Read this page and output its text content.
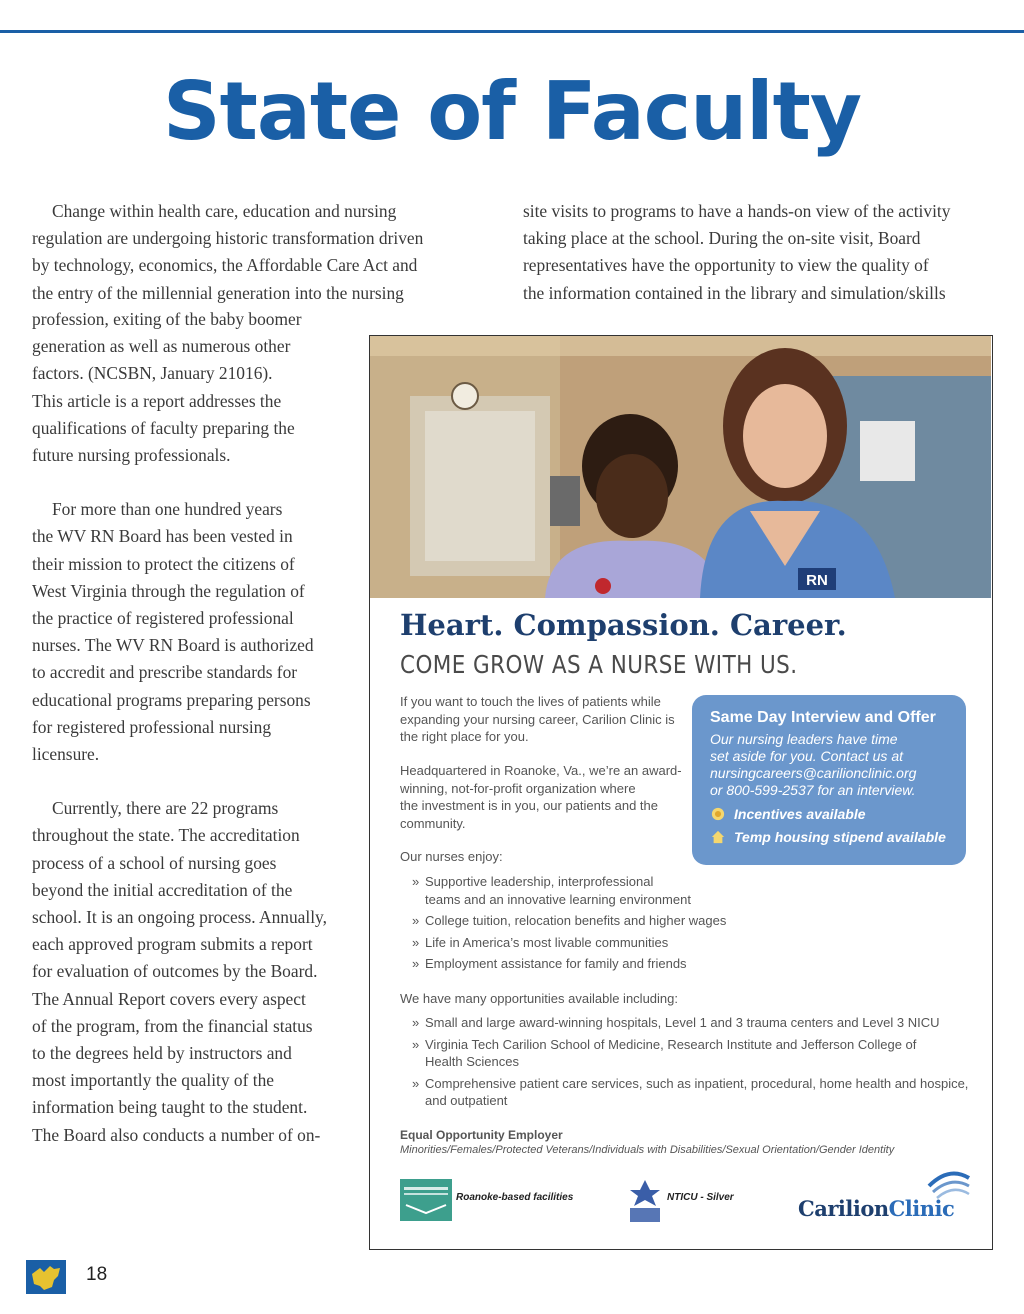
State of Faculty
Change within health care, education and nursing
regulation are undergoing historic transformation driven
by technology, economics, the Affordable Care Act and
the entry of the millennial generation into the nursing
profession, exiting of the baby boomer
generation as well as numerous other
factors. (NCSBN, January 21016).
This article is a report addresses the
qualifications of faculty preparing the
future nursing professionals.
For more than one hundred years
the WV RN Board has been vested in
their mission to protect the citizens of
West Virginia through the regulation of
the practice of registered professional
nurses. The WV RN Board is authorized
to accredit and prescribe standards for
educational programs preparing persons
for registered professional nursing
licensure.
Currently, there are 22 programs
throughout the state. The accreditation
process of a school of nursing goes
beyond the initial accreditation of the
school. It is an ongoing process. Annually,
each approved program submits a report
for evaluation of outcomes by the Board.
The Annual Report covers every aspect
of the program, from the financial status
to the degrees held by instructors and
most importantly the quality of the
information being taught to the student.
The Board also conducts a number of on-
site visits to programs to have a hands-on view of the activity
taking place at the school. During the on-site visit, Board
representatives have the opportunity to view the quality of
the information contained in the library and simulation/skills
RN
Heart. Compassion. Career.
COME GROW AS A NURSE WITH US.
If you want to touch the lives of patients while
expanding your nursing career, Carilion Clinic is
the right place for you.
Headquartered in Roanoke, Va., we’re an award-
winning, not-for-profit organization where
the investment is in you, our patients and the
community.
Our nurses enjoy:
» Supportive leadership, interprofessional
teams and an innovative learning environment
» College tuition, relocation benefits and higher wages
» Life in America’s most livable communities
» Employment assistance for family and friends
We have many opportunities available including:
» Small and large award-winning hospitals, Level 1 and 3 trauma centers and Level 3 NICU
» Virginia Tech Carilion School of Medicine, Research Institute and Jefferson College of
Health Sciences
» Comprehensive patient care services, such as inpatient, procedural, home health and hospice,
and outpatient
Same Day Interview and Offer
Our nursing leaders have time
set aside for you. Contact us at
nursingcareers@carilionclinic.org
or 800-599-2537 for an interview.
Incentives available
Temp housing stipend available
Equal Opportunity Employer
Minorities/Females/Protected Veterans/Individuals with Disabilities/Sexual Orientation/Gender Identity
Roanoke-based facilities	NTICU - Silver	CarilionClinic
18
